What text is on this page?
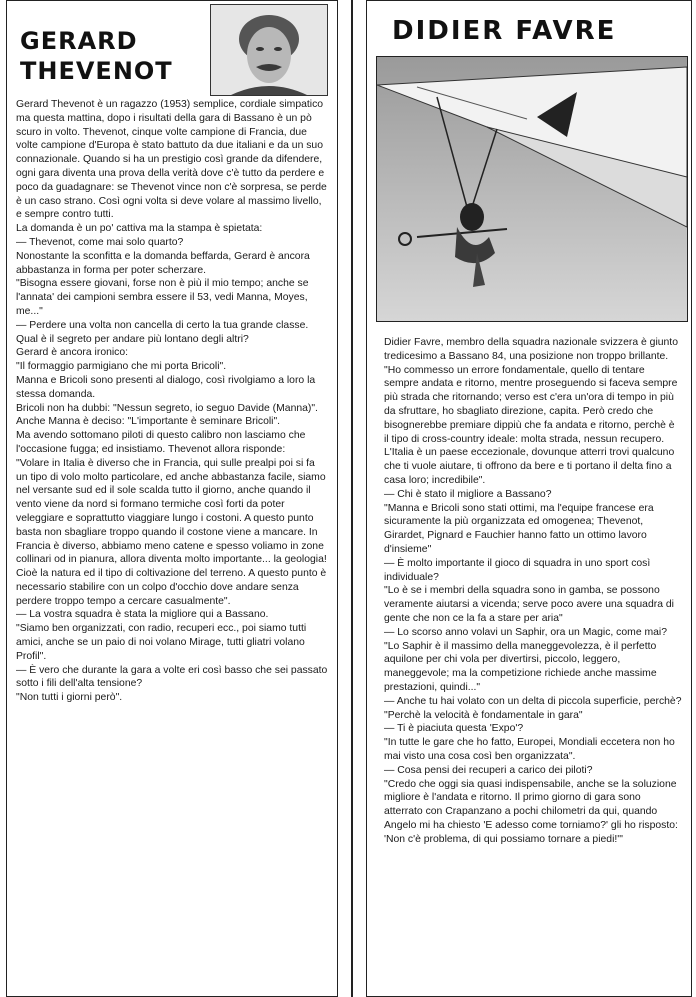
GERARD
THEVENOT

Gerard Thevenot è un ragazzo (1953) semplice, cordiale simpatico ma questa mattina, dopo i risultati della gara di Bassano è un pò scuro in volto. Thevenot, cinque volte campione di Francia, due volte campione d'Europa è stato battuto da due italiani e da un suo connazionale. Quando si ha un prestigio così grande da difendere, ogni gara diventa una prova della verità dove c'è tutto da perdere e poco da guadagnare: se Thevenot vince non c'è sorpresa, se perde è un caso strano. Così ogni volta si deve volare al massimo livello, e sempre contro tutti.

La domanda è un po' cattiva ma la stampa è spietata:

— Thevenot, come mai solo quarto?

Nonostante la sconfitta e la domanda beffarda, Gerard è ancora abbastanza in forma per poter scherzare.

"Bisogna essere giovani, forse non è più il mio tempo; anche se l'annata' dei campioni sembra essere il 53, vedi Manna, Moyes, me..."

— Perdere una volta non cancella di certo la tua grande classe. Qual è il segreto per andare più lontano degli altri?

Gerard è ancora ironico:

"Il formaggio parmigiano che mi porta Bricoli".

Manna e Bricoli sono presenti al dialogo, così rivolgiamo a loro la stessa domanda.

Bricoli non ha dubbi: "Nessun segreto, io seguo Davide (Manna)".

Anche Manna è deciso: "L'importante è seminare Bricoli".

Ma avendo sottomano piloti di questo calibro non lasciamo che l'occasione fugga; ed insistiamo. Thevenot allora risponde:

"Volare in Italia è diverso che in Francia, qui sulle prealpi poi si fa un tipo di volo molto particolare, ed anche abbastanza facile, siamo nel versante sud ed il sole scalda tutto il giorno, anche quando il vento viene da nord si formano termiche così forti da poter veleggiare e soprattutto viaggiare lungo i costoni. A questo punto basta non sbagliare troppo quando il costone viene a mancare. In Francia è diverso, abbiamo meno catene e spesso voliamo in zone collinari od in pianura, allora diventa molto importante... la geologia! Cioè la natura ed il tipo di coltivazione del terreno. A questo punto è necessario stabilire con un colpo d'occhio dove andare senza perdere troppo tempo a cercare casualmente".

— La vostra squadra è stata la migliore qui a Bassano.

"Siamo ben organizzati, con radio, recuperi ecc., poi siamo tutti amici, anche se un paio di noi volano Mirage, tutti gliatri volano Profil".

— È vero che durante la gara a volte eri così basso che sei passato sotto i fili dell'alta tensione?

"Non tutti i giorni però".

DIDIER FAVRE

Didier Favre, membro della squadra nazionale svizzera è giunto tredicesimo a Bassano 84, una posizione non troppo brillante.

"Ho commesso un errore fondamentale, quello di tentare sempre andata e ritorno, mentre proseguendo si faceva sempre più strada che ritornando; verso est c'era un'ora di tempo in più da sfruttare, ho sbagliato direzione, capita. Però credo che bisognerebbe premiare dippiù che fa andata e ritorno, perchè è il tipo di cross-country ideale: molta strada, nessun recupero. L'Italia è un paese eccezionale, dovunque atterri trovi qualcuno che ti vuole aiutare, ti offrono da bere e ti portano il delta fino a casa loro; incredibile".

— Chi è stato il migliore a Bassano?

"Manna e Bricoli sono stati ottimi, ma l'equipe francese era sicuramente la più organizzata ed omogenea; Thevenot, Girardet, Pignard e Fauchier hanno fatto un ottimo lavoro d'insieme"

— È molto importante il gioco di squadra in uno sport così individuale?

"Lo è se i membri della squadra sono in gamba, se possono veramente aiutarsi a vicenda; serve poco avere una squadra di gente che non ce la fa a stare per aria"

— Lo scorso anno volavi un Saphir, ora un Magic, come mai?

"Lo Saphir è il massimo della maneggevolezza, è il perfetto aquilone per chi vola per divertirsi, piccolo, leggero, maneggevole; ma la competizione richiede anche massime prestazioni, quindi..."

— Anche tu hai volato con un delta di piccola superficie, perchè?

"Perchè la velocità è fondamentale in gara"

— Ti è piaciuta questa 'Expo'?

"In tutte le gare che ho fatto, Europei, Mondiali eccetera non ho mai visto una cosa così ben organizzata".

— Cosa pensi dei recuperi a carico dei piloti?

"Credo che oggi sia quasi indispensabile, anche se la soluzione migliore è l'andata e ritorno. Il primo giorno di gara sono atterrato con Crapanzano a pochi chilometri da qui, quando Angelo mi ha chiesto 'E adesso come torniamo?' gli ho risposto: 'Non c'è problema, di qui possiamo tornare a piedi!'"
